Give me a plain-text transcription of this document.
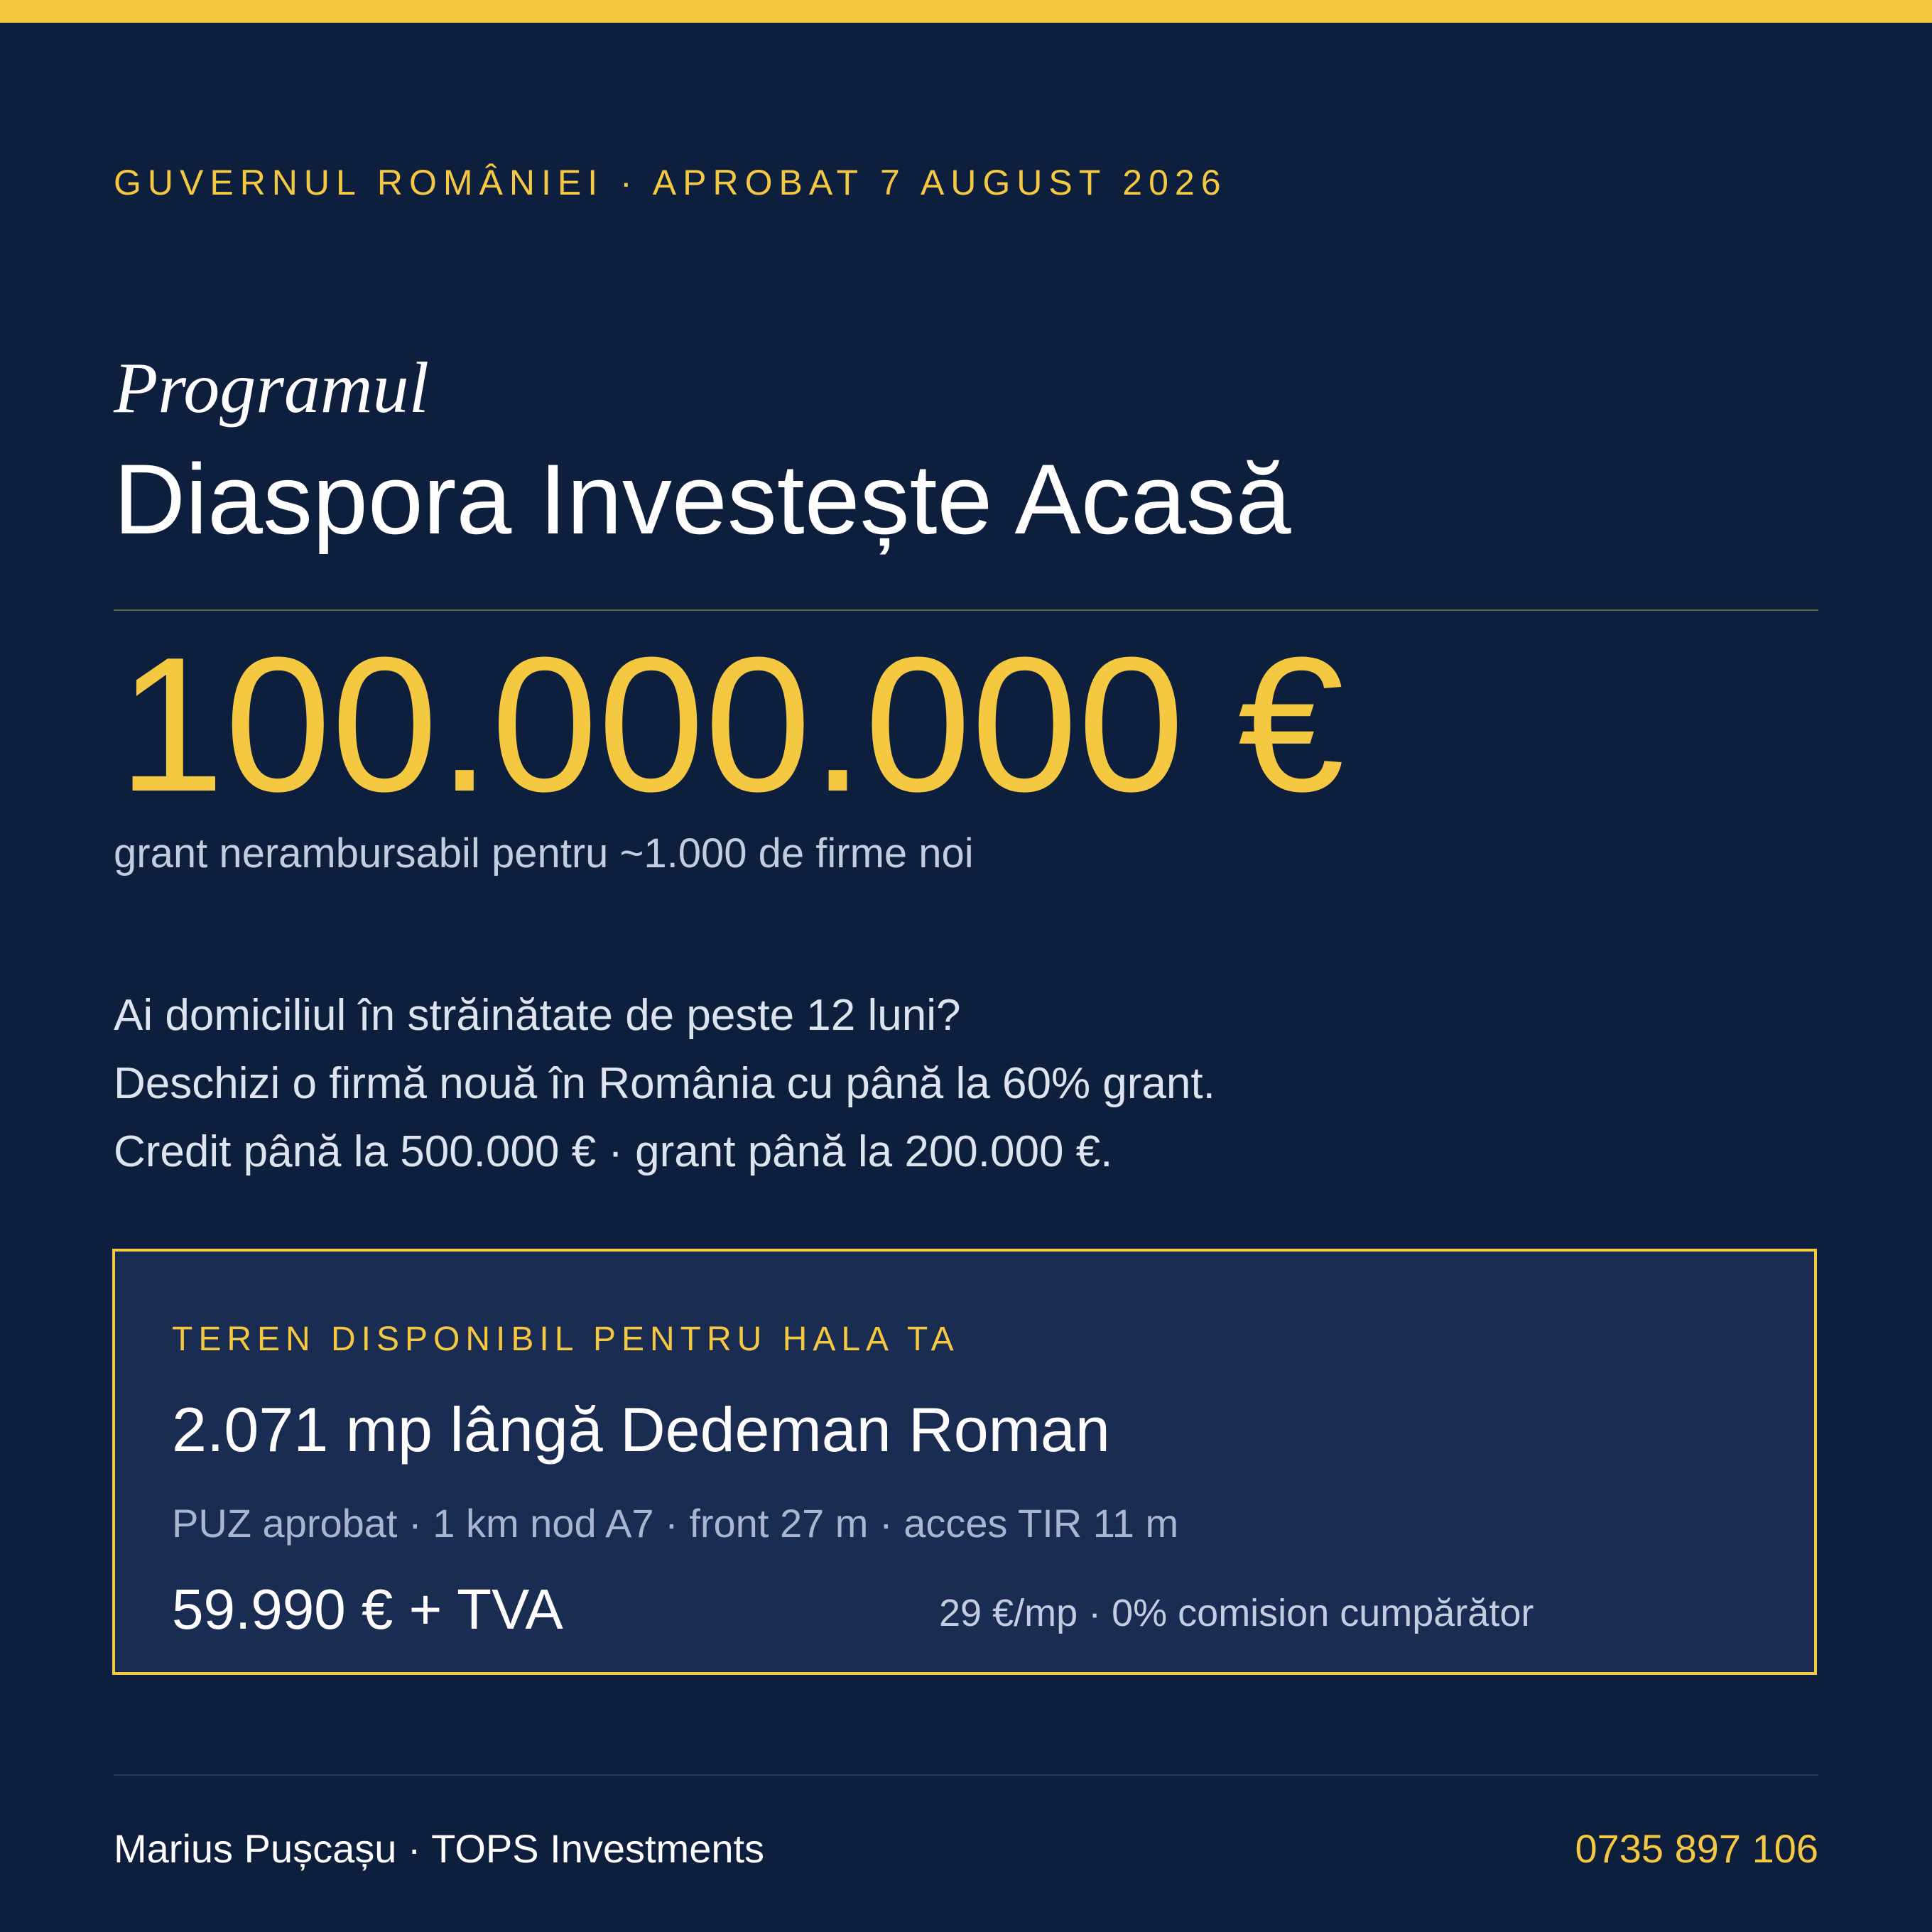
GUVERNUL ROMÂNIEI · APROBAT 7 AUGUST 2026
Programul
Diaspora Investește Acasă
100.000.000 €
grant nerambursabil pentru ~1.000 de firme noi
Ai domiciliul în străinătate de peste 12 luni?
Deschizi o firmă nouă în România cu până la 60% grant.
Credit până la 500.000 € · grant până la 200.000 €.
TEREN DISPONIBIL PENTRU HALA TA
2.071 mp lângă Dedeman Roman
PUZ aprobat · 1 km nod A7 · front 27 m · acces TIR 11 m
59.990 € + TVA	29 €/mp · 0% comision cumpărător
Marius Pușcașu · TOPS Investments	0735 897 106
